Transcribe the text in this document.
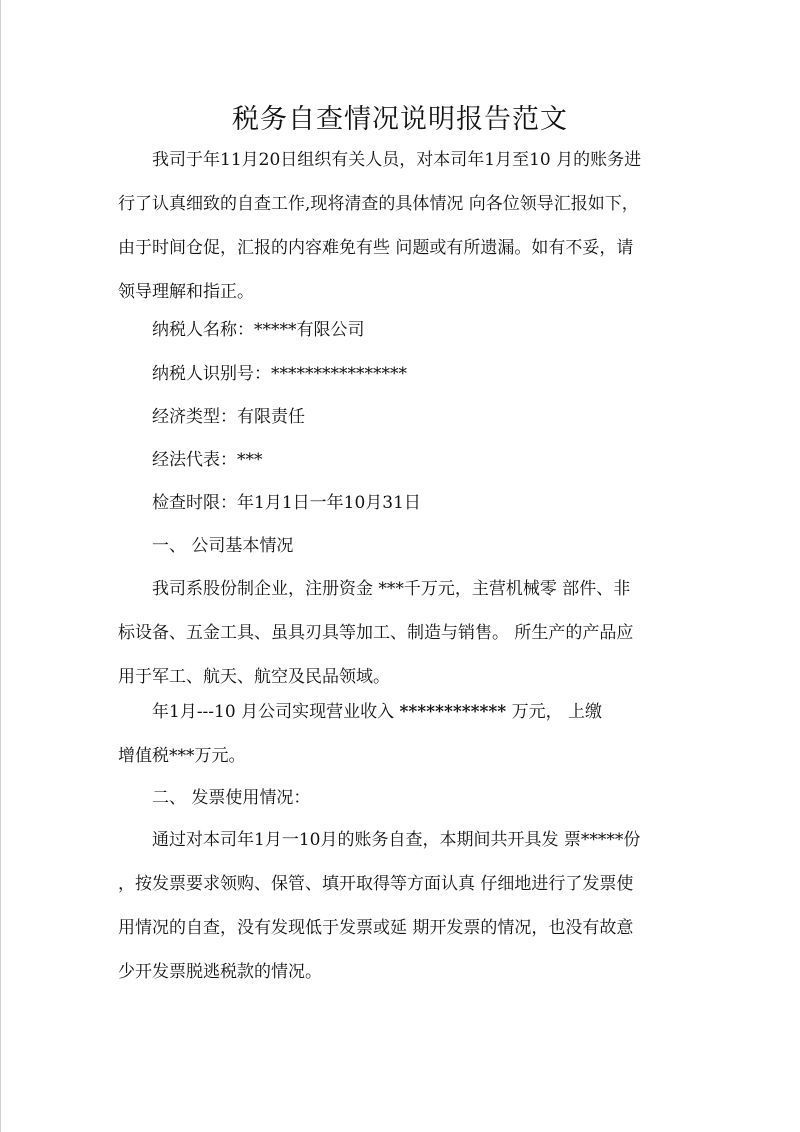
税务自查情况说明报告范文
　　我司于年11月20日组织有关人员，对本司年1月至10 月的账务进
行了认真细致的自查工作,现将清查的具体情况 向各位领导汇报如下，
由于时间仓促，汇报的内容难免有些 问题或有所遗漏。如有不妥，请
领导理解和指正。
　　纳税人名称：*****有限公司
　　纳税人识别号：****************
　　经济类型：有限责任
　　经法代表：***
　　检查时限：年1月1日一年10月31日
　　一、 公司基本情况
　　我司系股份制企业，注册资金 ***千万元，主营机械零 部件、非
标设备、五金工具、虽具刃具等加工、制造与销售。 所生产的产品应
用于军工、航天、航空及民品领域。
　　年1月---10 月公司实现营业收入 ************ 万元， 上缴
增值税***万元。
　　二、 发票使用情况：
　　通过对本司年1月一10月的账务自查，本期间共开具发 票*****份
，按发票要求领购、保管、填开取得等方面认真 仔细地进行了发票使
用情况的自查，没有发现低于发票或延 期开发票的情况，也没有故意
少开发票脱逃税款的情况。
